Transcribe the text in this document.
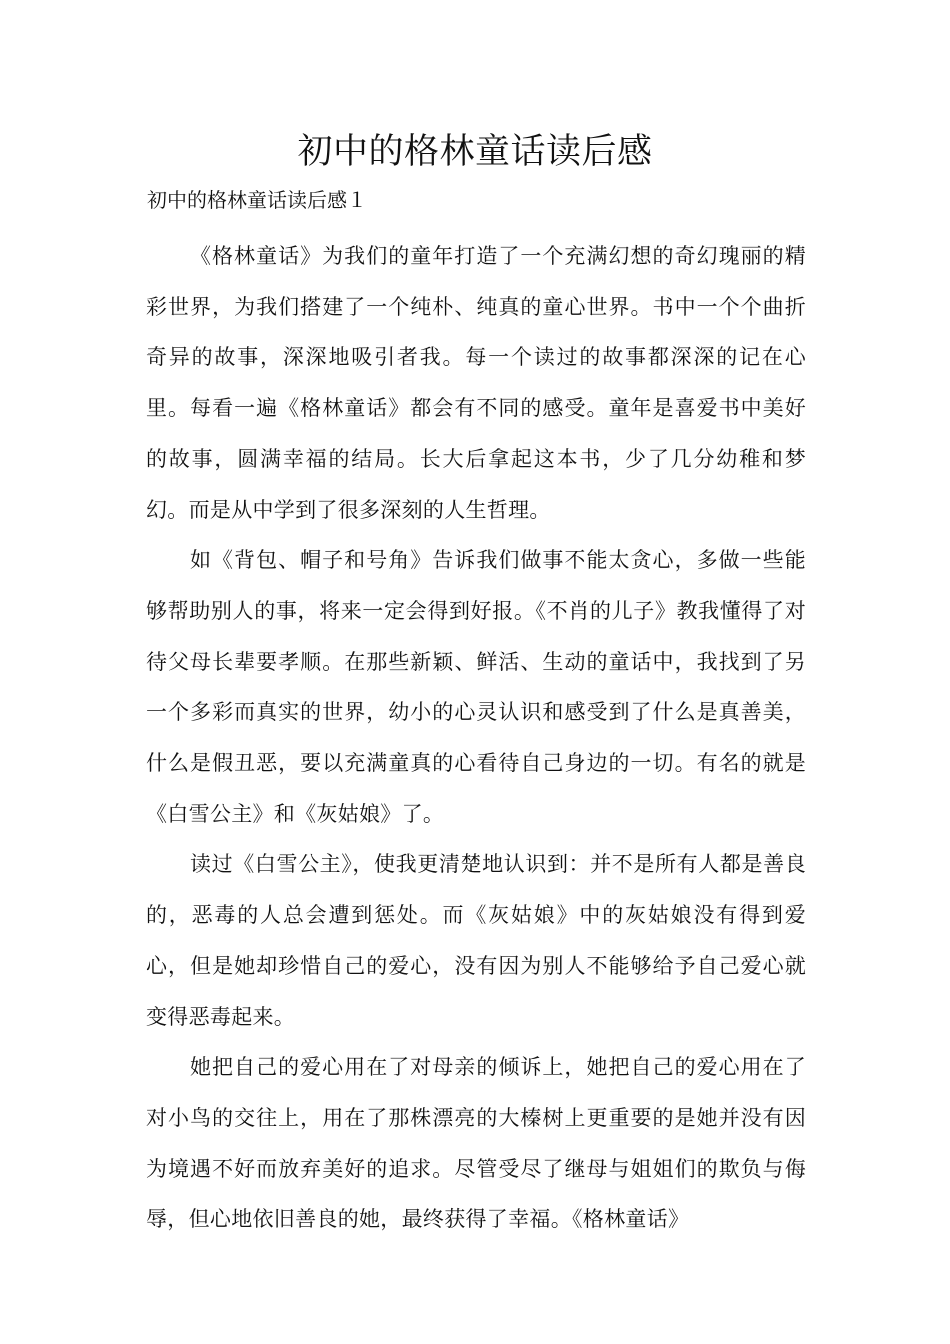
初中的格林童话读后感

初中的格林童话读后感１

《格林童话》为我们的童年打造了一个充满幻想的奇幻瑰丽的精彩世界，为我们搭建了一个纯朴、纯真的童心世界。书中一个个曲折奇异的故事，深深地吸引者我。每一个读过的故事都深深的记在心里。每看一遍《格林童话》都会有不同的感受。童年是喜爱书中美好的故事，圆满幸福的结局。长大后拿起这本书，少了几分幼稚和梦幻。而是从中学到了很多深刻的人生哲理。

如《背包、帽子和号角》告诉我们做事不能太贪心，多做一些能够帮助别人的事，将来一定会得到好报。《不肖的儿子》教我懂得了对待父母长辈要孝顺。在那些新颖、鲜活、生动的童话中，我找到了另一个多彩而真实的世界，幼小的心灵认识和感受到了什么是真善美，什么是假丑恶，要以充满童真的心看待自己身边的一切。有名的就是《白雪公主》和《灰姑娘》了。

读过《白雪公主》，使我更清楚地认识到：并不是所有人都是善良的，恶毒的人总会遭到惩处。而《灰姑娘》中的灰姑娘没有得到爱心，但是她却珍惜自己的爱心，没有因为别人不能够给予自己爱心就变得恶毒起来。

她把自己的爱心用在了对母亲的倾诉上，她把自己的爱心用在了对小鸟的交往上，用在了那株漂亮的大榛树上更重要的是她并没有因为境遇不好而放弃美好的追求。尽管受尽了继母与姐姐们的欺负与侮辱，但心地依旧善良的她，最终获得了幸福。《格林童话》
